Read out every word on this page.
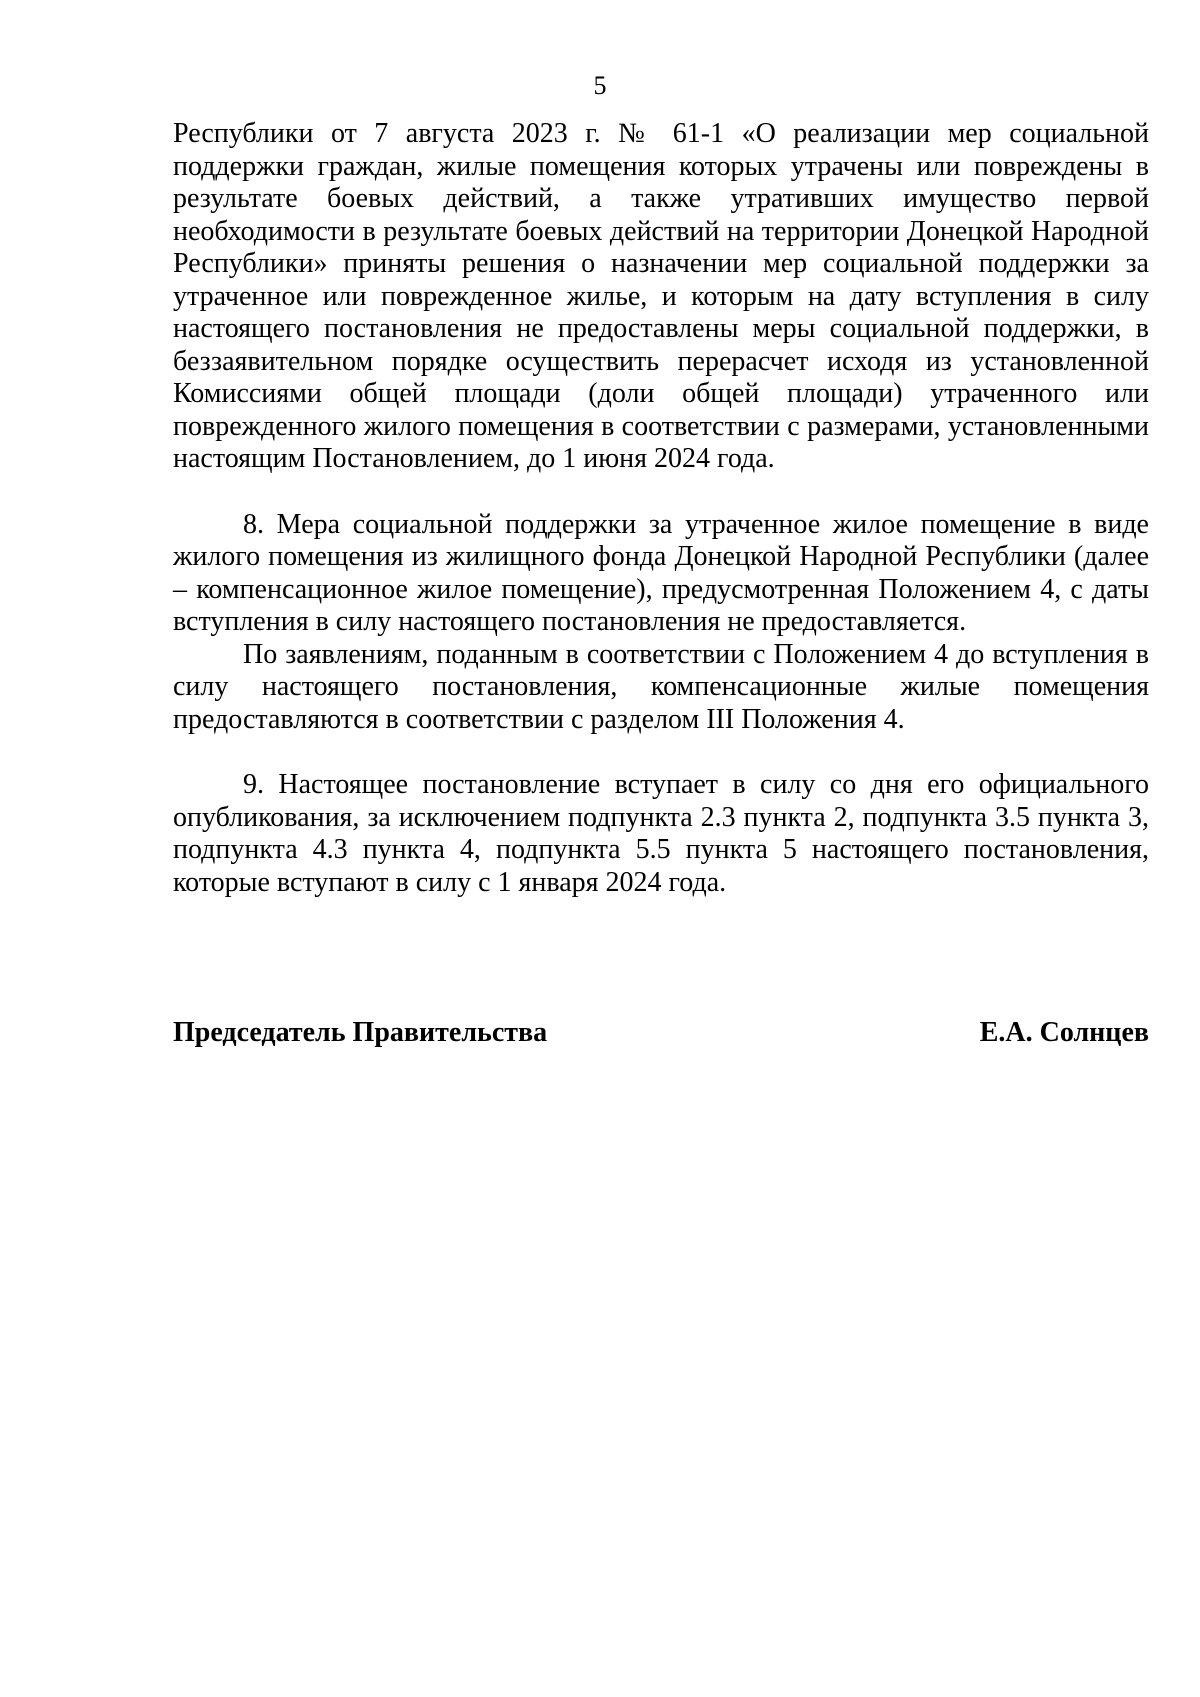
5

Республики от 7 августа 2023 г. № 61-1 «О реализации мер социальной поддержки граждан, жилые помещения которых утрачены или повреждены в результате боевых действий, а также утративших имущество первой необходимости в результате боевых действий на территории Донецкой Народной Республики» приняты решения о назначении мер социальной поддержки за утраченное или поврежденное жилье, и которым на дату вступления в силу настоящего постановления не предоставлены меры социальной поддержки, в беззаявительном порядке осуществить перерасчет исходя из установленной Комиссиями общей площади (доли общей площади) утраченного или поврежденного жилого помещения в соответствии с размерами, установленными настоящим Постановлением, до 1 июня 2024 года.

8. Мера социальной поддержки за утраченное жилое помещение в виде жилого помещения из жилищного фонда Донецкой Народной Республики (далее – компенсационное жилое помещение), предусмотренная Положением 4, с даты вступления в силу настоящего постановления не предоставляется.

По заявлениям, поданным в соответствии с Положением 4 до вступления в силу настоящего постановления, компенсационные жилые помещения предоставляются в соответствии с разделом III Положения 4.

9. Настоящее постановление вступает в силу со дня его официального опубликования, за исключением подпункта 2.3 пункта 2, подпункта 3.5 пункта 3, подпункта 4.3 пункта 4, подпункта 5.5 пункта 5 настоящего постановления, которые вступают в силу с 1 января 2024 года.

Председатель Правительства	Е.А. Солнцев
